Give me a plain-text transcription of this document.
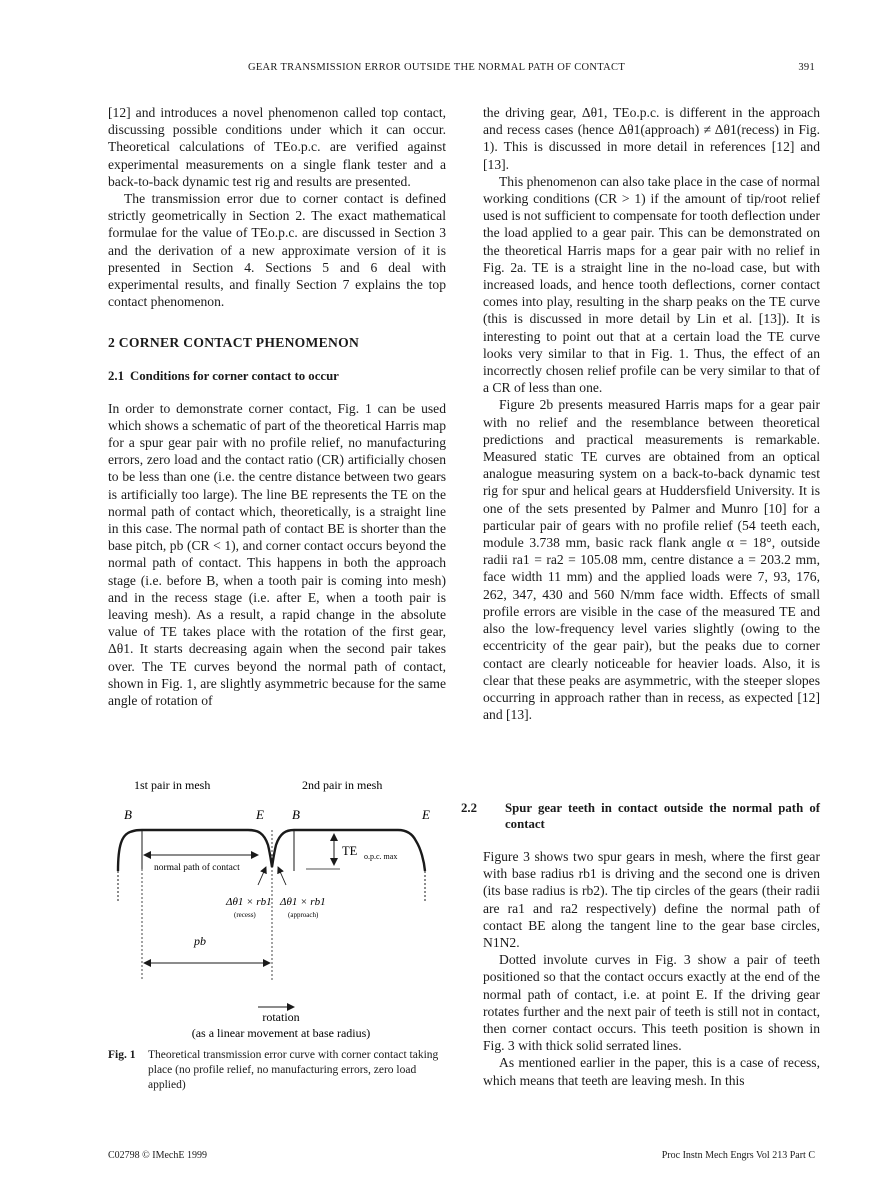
GEAR TRANSMISSION ERROR OUTSIDE THE NORMAL PATH OF CONTACT	391

[12] and introduces a novel phenomenon called top contact, discussing possible conditions under which it can occur. Theoretical calculations of TEo.p.c. are verified against experimental measurements on a single flank tester and a back-to-back dynamic test rig and results are presented.

The transmission error due to corner contact is defined strictly geometrically in Section 2. The exact mathematical formulae for the value of TEo.p.c. are discussed in Section 3 and the derivation of a new approximate version of it is presented in Section 4. Sections 5 and 6 deal with experimental results, and finally Section 7 explains the top contact phenomenon.

2 CORNER CONTACT PHENOMENON

2.1 Conditions for corner contact to occur

In order to demonstrate corner contact, Fig. 1 can be used which shows a schematic of part of the theoretical Harris map for a spur gear pair with no profile relief, no manufacturing errors, zero load and the contact ratio (CR) artificially chosen to be less than one (i.e. the centre distance between two gears is artificially too large). The line BE represents the TE on the normal path of contact which, theoretically, is a straight line in this case. The normal path of contact BE is shorter than the base pitch, pb (CR < 1), and corner contact occurs beyond the normal path of contact. This happens in both the approach stage (i.e. before B, when a tooth pair is coming into mesh) and in the recess stage (i.e. after E, when a tooth pair is leaving mesh). As a result, a rapid change in the absolute value of TE takes place with the rotation of the first gear, Δθ1. It starts decreasing again when the second pair takes over. The TE curves beyond the normal path of contact, shown in Fig. 1, are slightly asymmetric because for the same angle of rotation of

the driving gear, Δθ1, TEo.p.c. is different in the approach and recess cases (hence Δθ1(approach) ≠ Δθ1(recess) in Fig. 1). This is discussed in more detail in references [12] and [13].

This phenomenon can also take place in the case of normal working conditions (CR > 1) if the amount of tip/root relief used is not sufficient to compensate for tooth deflection under the load applied to a gear pair. This can be demonstrated on the theoretical Harris maps for a gear pair with no relief in Fig. 2a. TE is a straight line in the no-load case, but with increased loads, and hence tooth deflections, corner contact comes into play, resulting in the sharp peaks on the TE curve (this is discussed in more detail by Lin et al. [13]). It is interesting to point out that at a certain load the TE curve looks very similar to that in Fig. 1. Thus, the effect of an incorrectly chosen relief profile can be very similar to that of a CR of less than one.

Figure 2b presents measured Harris maps for a gear pair with no relief and the resemblance between theoretical predictions and practical measurements is remarkable. Measured static TE curves are obtained from an optical analogue measuring system on a back-to-back dynamic test rig for spur and helical gears at Huddersfield University. It is one of the sets presented by Palmer and Munro [10] for a particular pair of gears with no profile relief (54 teeth each, module 3.738 mm, basic rack flank angle α = 18°, outside radii ra1 = ra2 = 105.08 mm, centre distance a = 203.2 mm, face width 11 mm) and the applied loads were 7, 93, 176, 262, 347, 430 and 560 N/mm face width. Effects of small profile errors are visible in the case of the measured TE and also the low-frequency level varies slightly (owing to the eccentricity of the gear pair), but the peaks due to corner contact are clearly noticeable for heavier loads. Also, it is clear that these peaks are asymmetric, with the steeper slopes occurring in approach rather than in recess, as expected [12] and [13].

2.2 Spur gear teeth in contact outside the normal path of contact

Figure 3 shows two spur gears in mesh, where the first gear with base radius rb1 is driving and the second one is driven (its base radius is rb2). The tip circles of the gears (their radii are ra1 and ra2 respectively) define the normal path of contact BE along the tangent line to the gear base circles, N1N2.

Dotted involute curves in Fig. 3 show a pair of teeth positioned so that the contact occurs exactly at the end of the normal path of contact, i.e. at point E. If the driving gear rotates further and the next pair of teeth is still not in contact, then corner contact occurs. This teeth position is shown in Fig. 3 with thick solid serrated lines.

As mentioned earlier in the paper, this is a case of recess, which means that teeth are leaving mesh. In this

1st pair in mesh	2nd pair in mesh
B	E B	E
normal path of contact
TE o.p.c. max
Δθ1 × rb1
(recess)
Δθ1 × rb1
(approach)
pb
rotation
(as a linear movement at base radius)
Fig. 1 Theoretical transmission error curve with corner contact taking place (no profile relief, no manufacturing errors, zero load applied)
C02798 © IMechE 1999	Proc Instn Mech Engrs Vol 213 Part C
